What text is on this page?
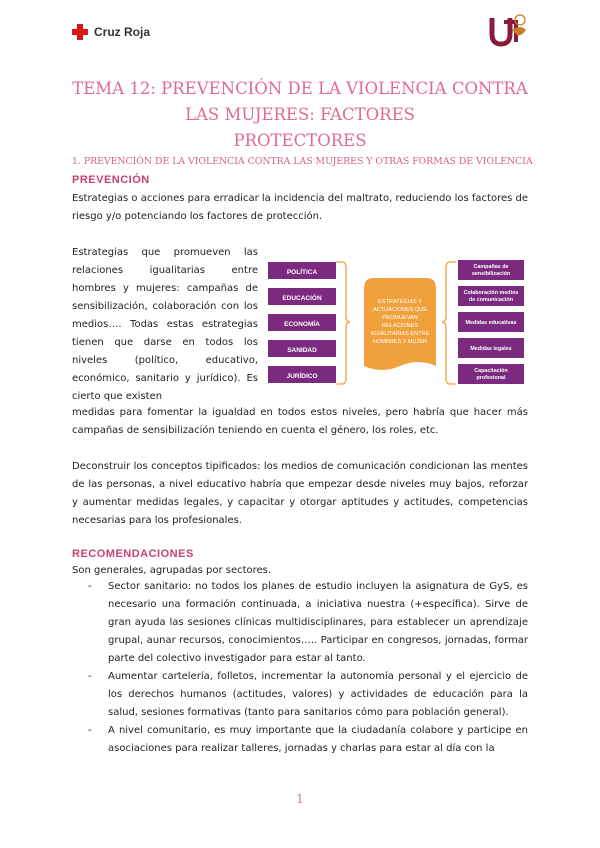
Cruz Roja
TEMA 12: PREVENCIÓN DE LA VIOLENCIA CONTRA LAS MUJERES: FACTORES
PROTECTORES
1. PREVENCIÓN DE LA VIOLENCIA CONTRA LAS MUJERES Y OTRAS FORMAS DE VIOLENCIA
PREVENCIÓN

Estrategias o acciones para erradicar la incidencia del maltrato, reduciendo los factores de riesgo y/o potenciando los factores de protección.

Estrategias que promueven las relaciones igualitarias entre hombres y mujeres: campañas de sensibilización, colaboración con los medios…. Todas estas estrategias tienen que darse en todos los niveles (político, educativo, económico, sanitario y jurídico). Es cierto que existen

medidas para fomentar la igualdad en todos estos niveles, pero habría que hacer más campañas de sensibilización teniendo en cuenta el género, los roles, etc.

Deconstruir los conceptos tipificados: los medios de comunicación condicionan las mentes de las personas, a nivel educativo habría que empezar desde niveles muy bajos, reforzar y aumentar medidas legales, y capacitar y otorgar aptitudes y actitudes, competencias necesarias para los profesionales.

POLÍTICA
EDUCACIÓN
ECONOMÍA
SANIDAD
JURÍDICO
ESTRATEGIAS Y
ACTUACIONES QUE
PROMUEVAN
RELACIONES
IGUALITARIAS ENTRE
HOMBRES Y MUJER
Campañas de
sensibilización
Colaboración medios
de comunicación
Medidas educativas
Medidas legales
Capacitación
profesional
RECOMENDACIONES
Son generales, agrupadas por sectores.
- Sector sanitario: no todos los planes de estudio incluyen la asignatura de GyS, es necesario una formación continuada, a iniciativa nuestra (+específica). Sirve de gran ayuda las sesiones clínicas multidisciplinares, para establecer un aprendizaje grupal, aunar recursos, conocimientos….. Participar en congresos, jornadas, formar parte del colectivo investigador para estar al tanto.
- Aumentar cartelería, folletos, incrementar la autonomía personal y el ejercicio de los derechos humanos (actitudes, valores) y actividades de educación para la salud, sesiones formativas (tanto para sanitarios cómo para población general).
- A nivel comunitario, es muy importante que la ciudadanía colabore y participe en asociaciones para realizar talleres, jornadas y charlas para estar al día con la
1
